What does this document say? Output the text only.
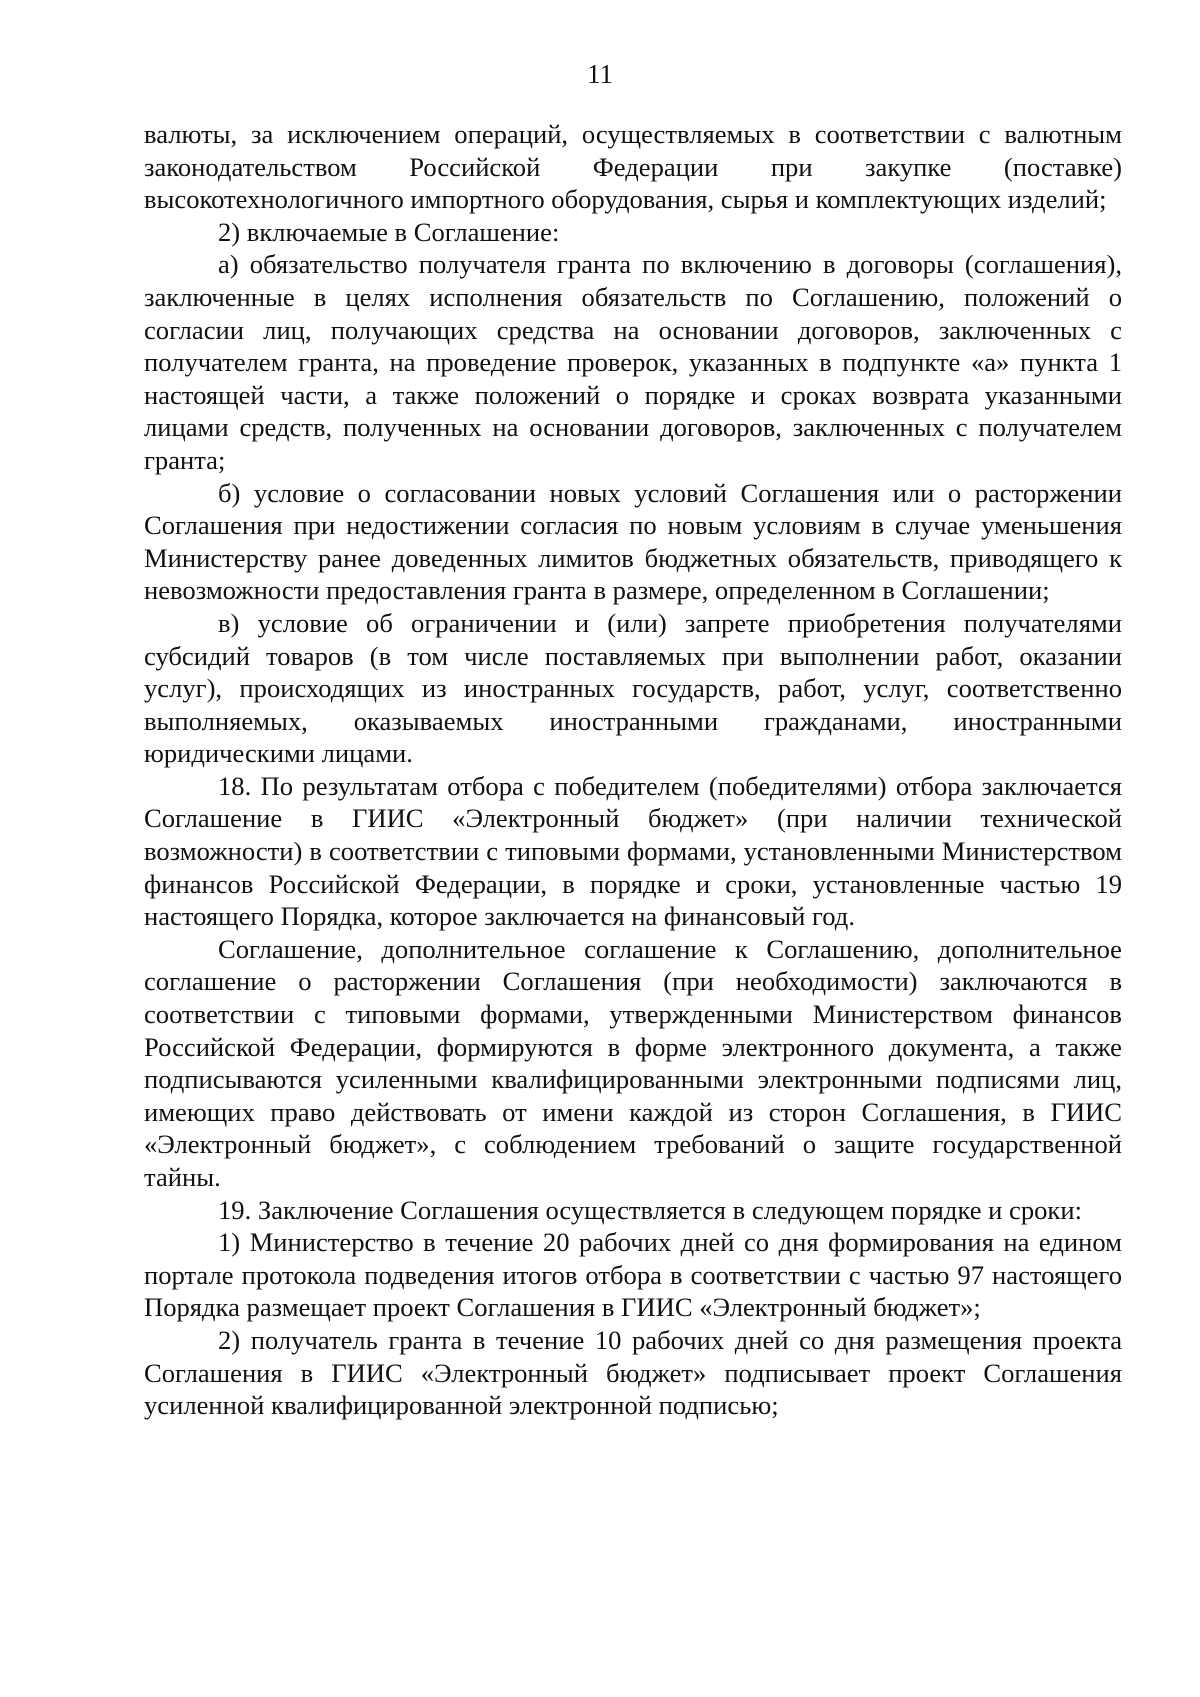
11

валюты, за исключением операций, осуществляемых в соответствии с валютным законодательством Российской Федерации при закупке (поставке) высокотехнологичного импортного оборудования, сырья и комплектующих изделий;

2) включаемые в Соглашение:

а) обязательство получателя гранта по включению в договоры (соглашения), заключенные в целях исполнения обязательств по Соглашению, положений о согласии лиц, получающих средства на основании договоров, заключенных с получателем гранта, на проведение проверок, указанных в подпункте «а» пункта 1 настоящей части, а также положений о порядке и сроках возврата указанными лицами средств, полученных на основании договоров, заключенных с получателем гранта;

б) условие о согласовании новых условий Соглашения или о расторжении Соглашения при недостижении согласия по новым условиям в случае уменьшения Министерству ранее доведенных лимитов бюджетных обязательств, приводящего к невозможности предоставления гранта в размере, определенном в Соглашении;

в) условие об ограничении и (или) запрете приобретения получателями субсидий товаров (в том числе поставляемых при выполнении работ, оказании услуг), происходящих из иностранных государств, работ, услуг, соответственно выполняемых, оказываемых иностранными гражданами, иностранными юридическими лицами.

18. По результатам отбора с победителем (победителями) отбора заключается Соглашение в ГИИС «Электронный бюджет» (при наличии технической возможности) в соответствии с типовыми формами, установленными Министерством финансов Российской Федерации, в порядке и сроки, установленные частью 19 настоящего Порядка, которое заключается на финансовый год.

Соглашение, дополнительное соглашение к Соглашению, дополнительное соглашение о расторжении Соглашения (при необходимости) заключаются в соответствии с типовыми формами, утвержденными Министерством финансов Российской Федерации, формируются в форме электронного документа, а также подписываются усиленными квалифицированными электронными подписями лиц, имеющих право действовать от имени каждой из сторон Соглашения, в ГИИС «Электронный бюджет», с соблюдением требований о защите государственной тайны.

19. Заключение Соглашения осуществляется в следующем порядке и сроки:

1) Министерство в течение 20 рабочих дней со дня формирования на едином портале протокола подведения итогов отбора в соответствии с частью 97 настоящего Порядка размещает проект Соглашения в ГИИС «Электронный бюджет»;

2) получатель гранта в течение 10 рабочих дней со дня размещения проекта Соглашения в ГИИС «Электронный бюджет» подписывает проект Соглашения усиленной квалифицированной электронной подписью;
